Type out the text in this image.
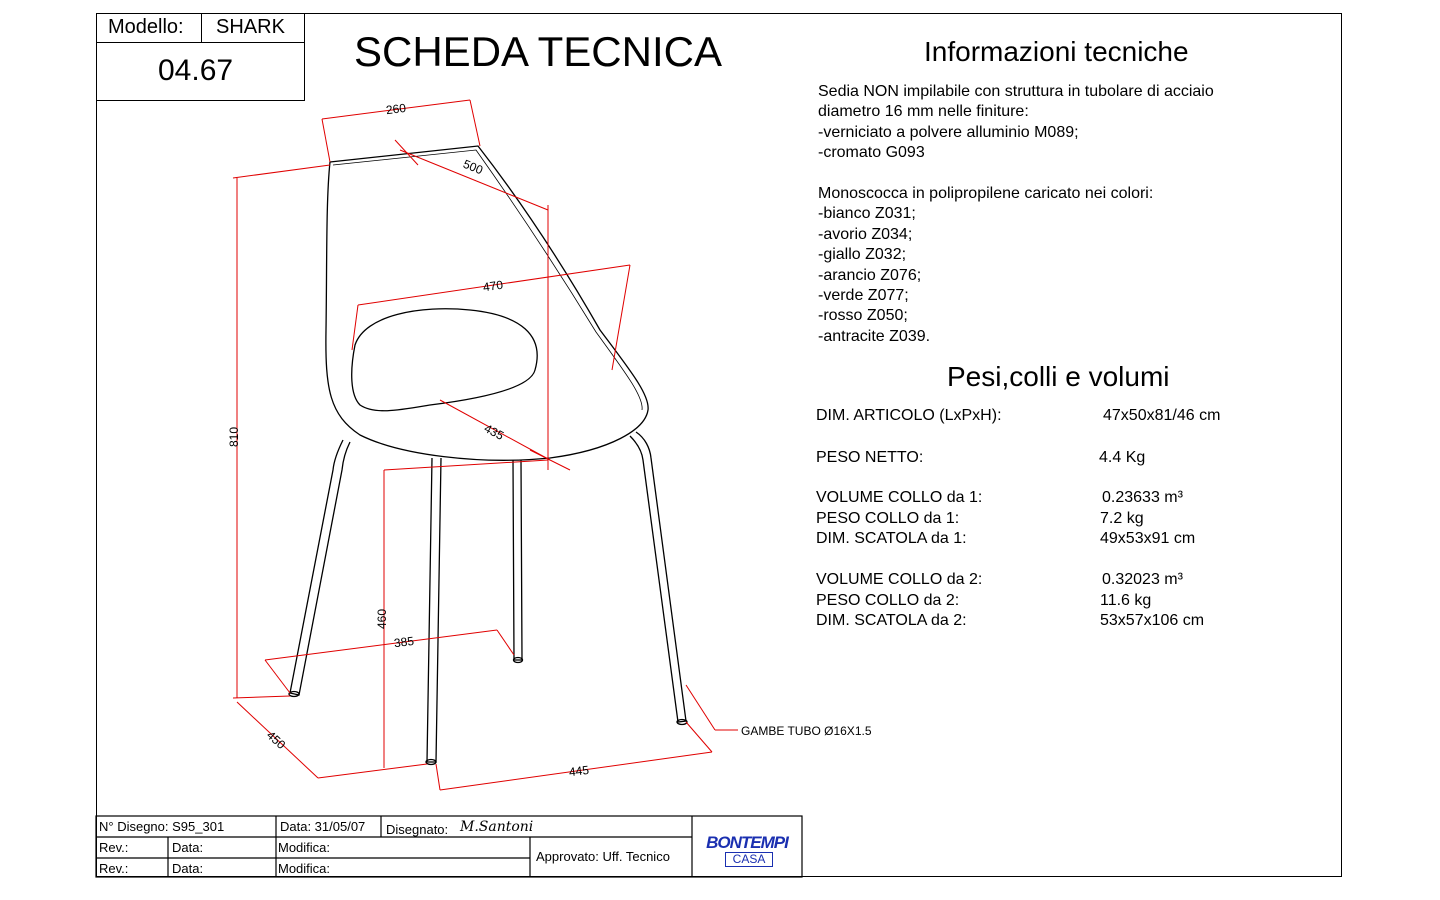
Modello: SHARK
04.67	SCHEDA TECNICA	Informazioni tecniche
Sedia NON impilabile con struttura in tubolare di acciaio
diametro 16 mm nelle finiture:
-verniciato a polvere alluminio M089;
-cromato G093
Monoscocca in polipropilene caricato nei colori:
-bianco Z031;
-avorio Z034;
-giallo Z032;
-arancio Z076;
-verde Z077;
-rosso Z050;
-antracite Z039.
Pesi,colli e volumi
DIM. ARTICOLO (LxPxH):	47x50x81/46 cm
PESO NETTO:	4.4 Kg
VOLUME COLLO da 1:	0.23633 m³
PESO COLLO da 1:	7.2 kg
DIM. SCATOLA da 1:	49x53x91 cm
VOLUME COLLO da 2:	0.32023 m³
PESO COLLO da 2:	11.6 kg
DIM. SCATOLA da 2:	53x57x106 cm
260
500
470
435
810
460
385
450
445
GAMBE TUBO Ø16X1.5
N° Disegno: S95_301	Data: 31/05/07 Disegnato: M.Santoni
Rev.:	Data:	Modifica:
Rev.:	Data:	Modifica:
Approvato: Uff. Tecnico
BONTEMPI
CASA
